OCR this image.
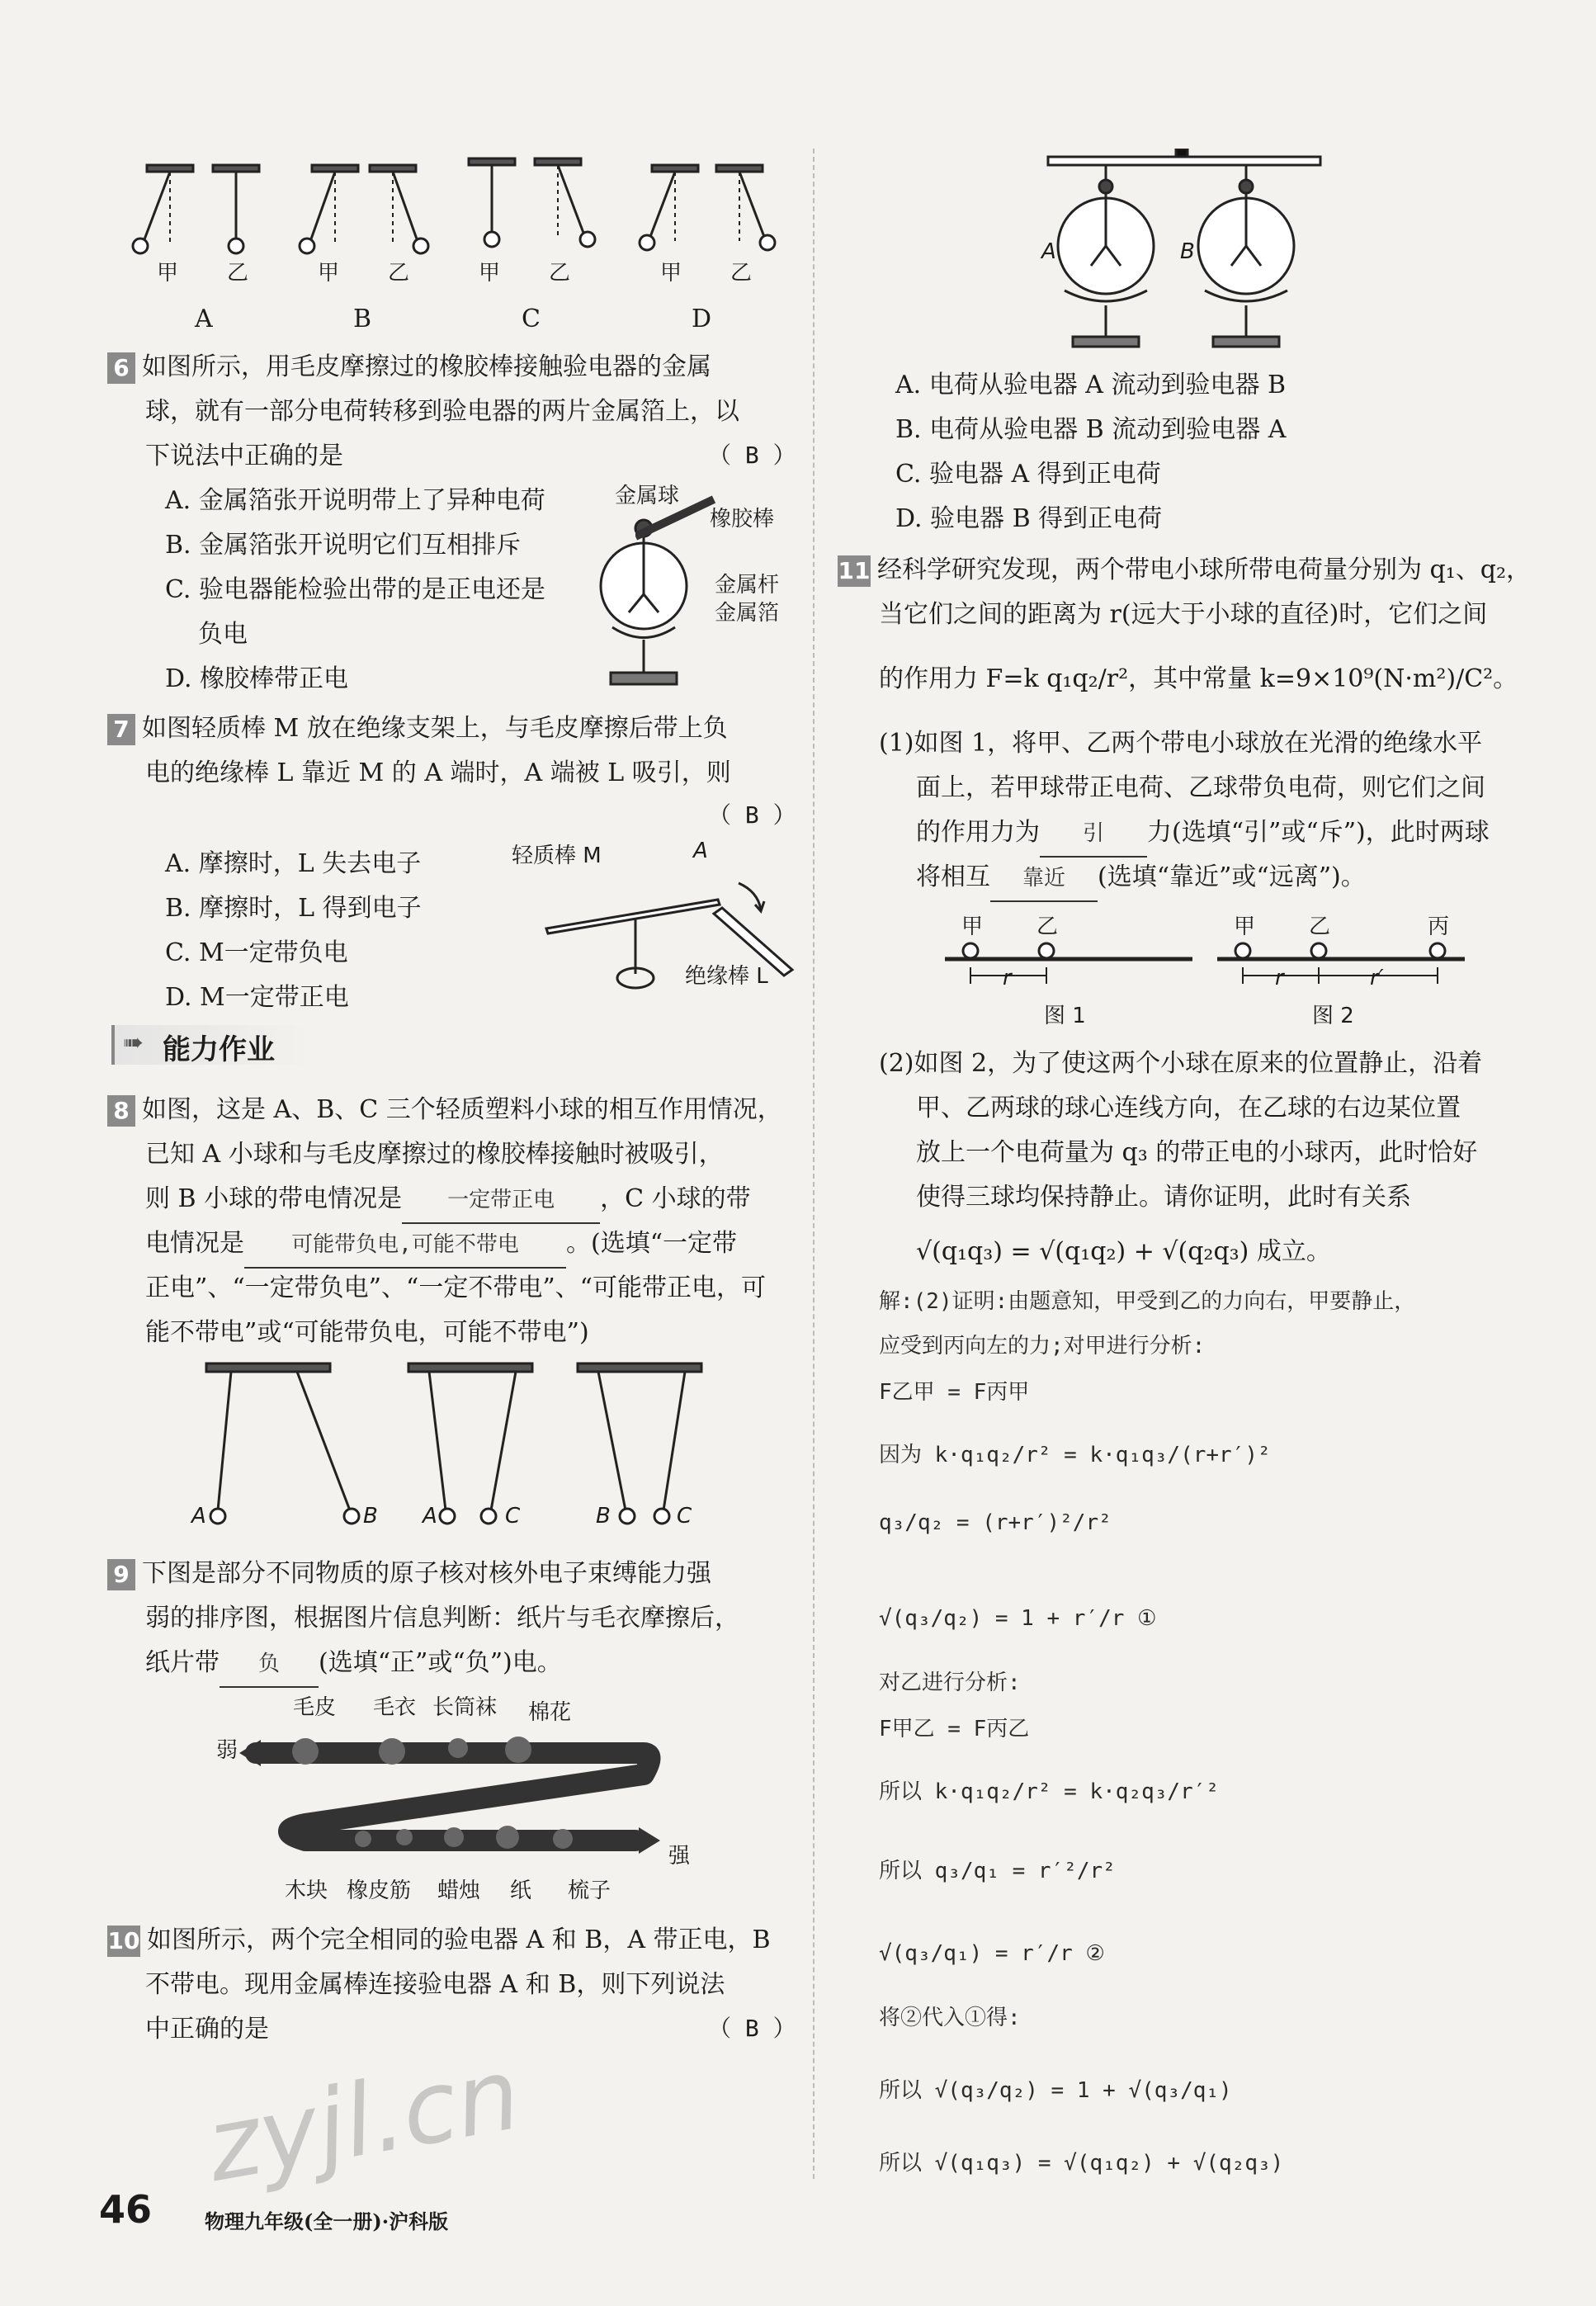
甲 乙	甲 乙	甲 乙	甲 乙
A	B	C	D
6 如图所示，用毛皮摩擦过的橡胶棒接触验电器的金属
球，就有一部分电荷转移到验电器的两片金属箔上，以
下说法中正确的是	（ B ）
A. 金属箔张开说明带上了异种电荷
B. 金属箔张开说明它们互相排斥
C. 验电器能检验出带的是正电还是
负电
D. 橡胶棒带正电
金属球
橡胶棒
金属杆
金属箔
7 如图轻质棒 M 放在绝缘支架上，与毛皮摩擦后带上负
电的绝缘棒 L 靠近 M 的 A 端时，A 端被 L 吸引，则
（ B ）
A. 摩擦时，L 失去电子
B. 摩擦时，L 得到电子
C. M一定带负电
D. M一定带正电
轻质棒 M	A
绝缘棒 L
➠ 能力作业
8 如图，这是 A、B、C 三个轻质塑料小球的相互作用情况，
已知 A 小球和与毛皮摩擦过的橡胶棒接触时被吸引，
则 B 小球的带电情况是 一定带正电 ，C 小球的带
电情况是 可能带负电,可能不带电 。(选填“一定带
正电”、“一定带负电”、“一定不带电”、“可能带正电，可
能不带电”或“可能带负电，可能不带电”)
A	B A	C	B	C
9 下图是部分不同物质的原子核对核外电子束缚能力强
弱的排序图，根据图片信息判断：纸片与毛衣摩擦后，
纸片带 负 (选填“正”或“负”)电。
毛皮 毛衣 长筒袜 棉花
弱
强
木块 橡皮筋 蜡烛 纸 梳子
10 如图所示，两个完全相同的验电器 A 和 B，A 带正电，B
不带电。现用金属棒连接验电器 A 和 B，则下列说法
中正确的是	（ B ）
zyjl.cn
46	物理九年级(全一册)·沪科版
A	B
A. 电荷从验电器 A 流动到验电器 B
B. 电荷从验电器 B 流动到验电器 A
C. 验电器 A 得到正电荷
D. 验电器 B 得到正电荷
11 经科学研究发现，两个带电小球所带电荷量分别为 q₁、q₂，
当它们之间的距离为 r(远大于小球的直径)时，它们之间
的作用力 F=k q₁q₂/r²，其中常量 k=9×10⁹(N·m²)/C²。
(1)如图 1，将甲、乙两个带电小球放在光滑的绝缘水平
面上，若甲球带正电荷、乙球带负电荷，则它们之间
的作用力为 引 力(选填“引”或“斥”)，此时两球
将相互 靠近 (选填“靠近”或“远离”)。
甲 乙
r
图 1
甲 乙	丙
r	r′
图 2
(2)如图 2，为了使这两个小球在原来的位置静止，沿着
甲、乙两球的球心连线方向，在乙球的右边某位置
放上一个电荷量为 q₃ 的带正电的小球丙，此时恰好
使得三球均保持静止。请你证明，此时有关系
√(q₁q₃) = √(q₁q₂) + √(q₂q₃) 成立。
解:(2)证明:由题意知，甲受到乙的力向右，甲要静止，
应受到丙向左的力;对甲进行分析:
F乙甲 = F丙甲
因为 k·q₁q₂/r² = k·q₁q₃/(r+r′)²
q₃/q₂ = (r+r′)²/r²
√(q₃/q₂) = 1 + r′/r ①
对乙进行分析:
F甲乙 = F丙乙
所以 k·q₁q₂/r² = k·q₂q₃/r′²
所以 q₃/q₁ = r′²/r²
√(q₃/q₁) = r′/r ②
将②代入①得:
所以 √(q₃/q₂) = 1 + √(q₃/q₁)
所以 √(q₁q₃) = √(q₁q₂) + √(q₂q₃)
